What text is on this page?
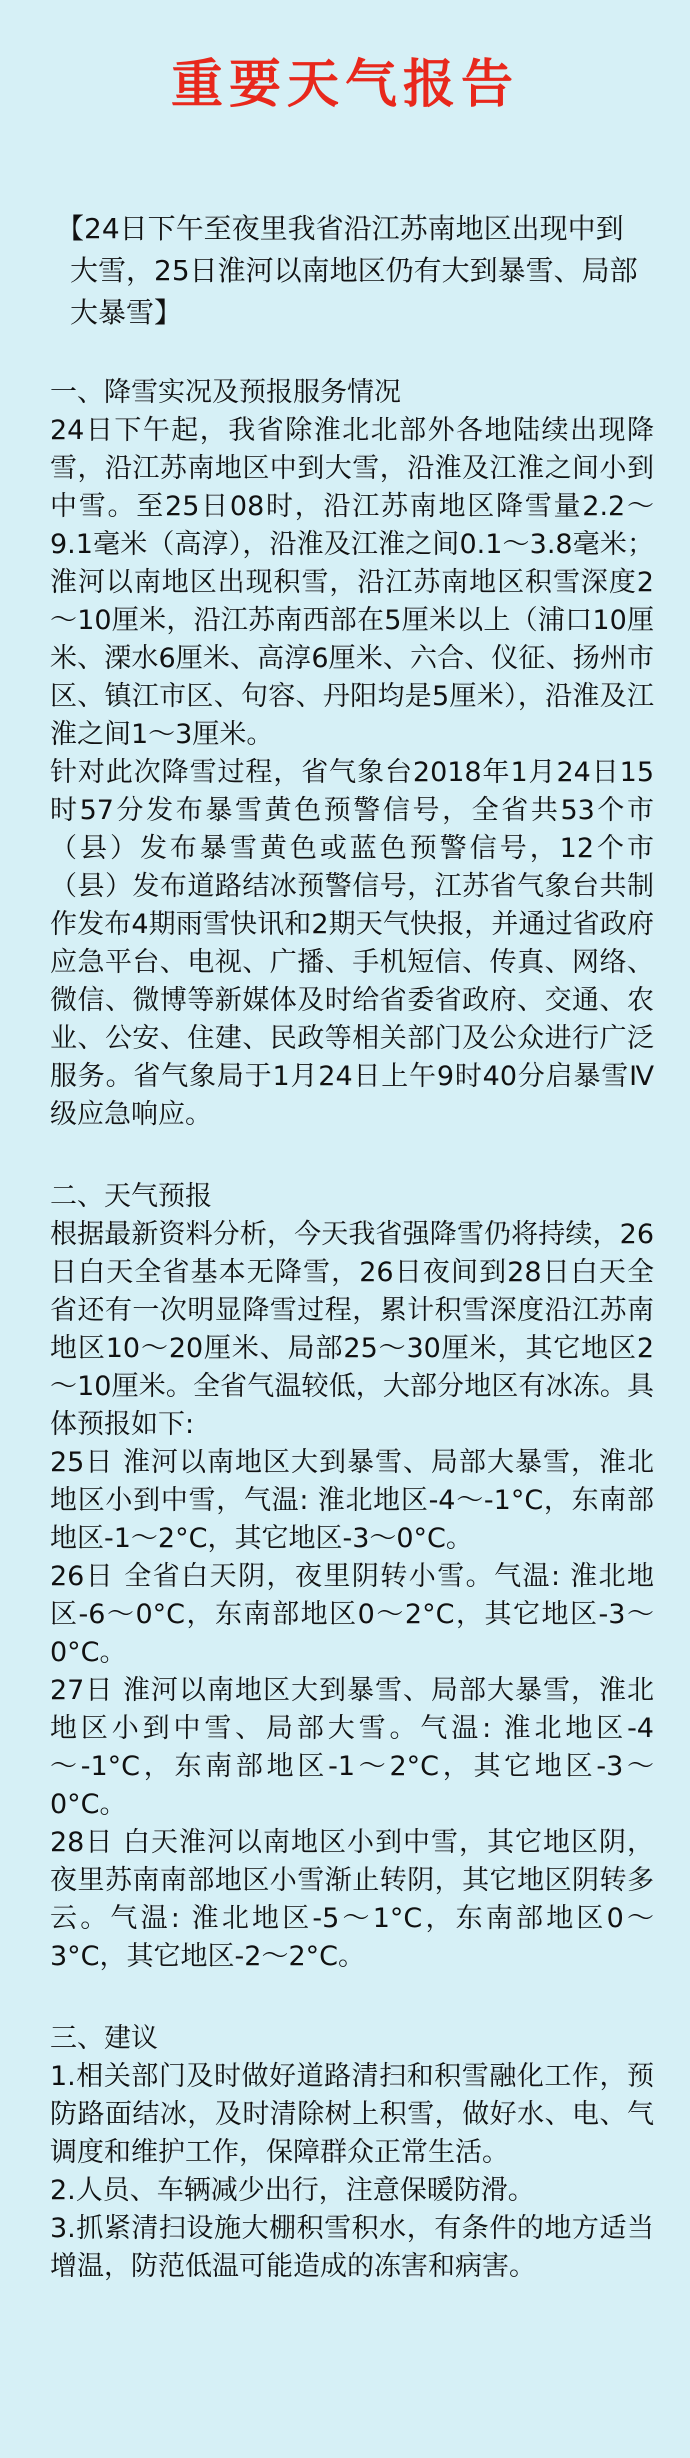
重要天气报告

【24日下午至夜里我省沿江苏南地区出现中到大雪，25日淮河以南地区仍有大到暴雪、局部大暴雪】

一、降雪实况及预报服务情况

24日下午起，我省除淮北北部外各地陆续出现降雪，沿江苏南地区中到大雪，沿淮及江淮之间小到中雪。至25日08时，沿江苏南地区降雪量2.2～9.1毫米（高淳），沿淮及江淮之间0.1～3.8毫米；淮河以南地区出现积雪，沿江苏南地区积雪深度2～10厘米，沿江苏南西部在5厘米以上（浦口10厘米、溧水6厘米、高淳6厘米、六合、仪征、扬州市区、镇江市区、句容、丹阳均是5厘米），沿淮及江淮之间1～3厘米。

针对此次降雪过程，省气象台2018年1月24日15时57分发布暴雪黄色预警信号，全省共53个市（县）发布暴雪黄色或蓝色预警信号，12个市（县）发布道路结冰预警信号，江苏省气象台共制作发布4期雨雪快讯和2期天气快报，并通过省政府应急平台、电视、广播、手机短信、传真、网络、微信、微博等新媒体及时给省委省政府、交通、农业、公安、住建、民政等相关部门及公众进行广泛服务。省气象局于1月24日上午9时40分启暴雪Ⅳ级应急响应。

二、天气预报

根据最新资料分析，今天我省强降雪仍将持续，26日白天全省基本无降雪，26日夜间到28日白天全省还有一次明显降雪过程，累计积雪深度沿江苏南地区10～20厘米、局部25～30厘米，其它地区2～10厘米。全省气温较低，大部分地区有冰冻。具体预报如下:

25日 淮河以南地区大到暴雪、局部大暴雪，淮北地区小到中雪，气温: 淮北地区-4～-1°C，东南部地区-1～2°C，其它地区-3～0°C。

26日 全省白天阴，夜里阴转小雪。气温: 淮北地区-6～0°C，东南部地区0～2°C，其它地区-3～0°C。

27日 淮河以南地区大到暴雪、局部大暴雪，淮北地区小到中雪、局部大雪。气温: 淮北地区-4～-1°C，东南部地区-1～2°C，其它地区-3～0°C。

28日 白天淮河以南地区小到中雪，其它地区阴，夜里苏南南部地区小雪渐止转阴，其它地区阴转多云。气温: 淮北地区-5～1°C，东南部地区0～3°C，其它地区-2～2°C。

三、建议

1.相关部门及时做好道路清扫和积雪融化工作，预防路面结冰，及时清除树上积雪，做好水、电、气调度和维护工作，保障群众正常生活。

2.人员、车辆减少出行，注意保暖防滑。

3.抓紧清扫设施大棚积雪积水，有条件的地方适当增温，防范低温可能造成的冻害和病害。
